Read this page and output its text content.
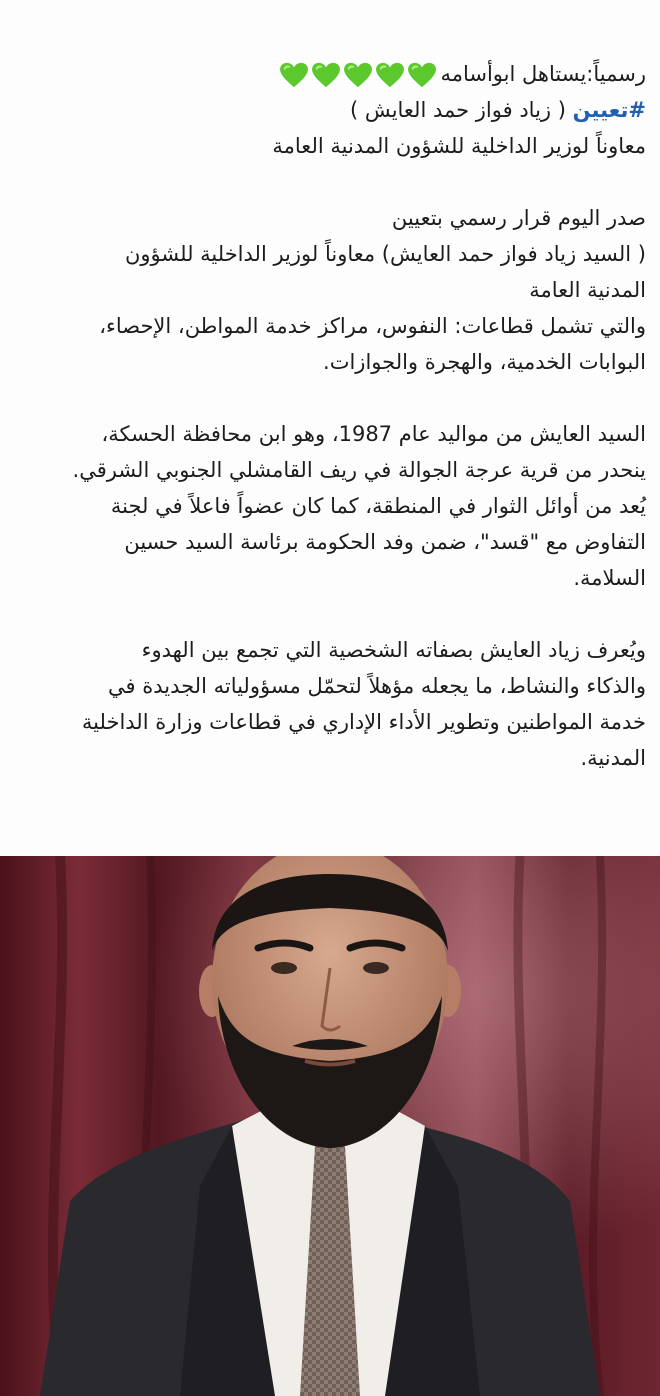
رسمياً:يستاهل ابوأسامه
#تعيين ( زياد فواز حمد العايش )
معاوناً لوزير الداخلية للشؤون المدنية العامة
صدر اليوم قرار رسمي بتعيين
( السيد زياد فواز حمد العايش) معاوناً لوزير الداخلية للشؤون
المدنية العامة
والتي تشمل قطاعات: النفوس، مراكز خدمة المواطن، الإحصاء،
البوابات الخدمية، والهجرة والجوازات.
السيد العايش من مواليد عام 1987، وهو ابن محافظة الحسكة،
ينحدر من قرية عرجة الجوالة في ريف القامشلي الجنوبي الشرقي.
يُعد من أوائل الثوار في المنطقة، كما كان عضواً فاعلاً في لجنة
التفاوض مع "قسد"، ضمن وفد الحكومة برئاسة السيد حسين
السلامة.
ويُعرف زياد العايش بصفاته الشخصية التي تجمع بين الهدوء
والذكاء والنشاط، ما يجعله مؤهلاً لتحمّل مسؤولياته الجديدة في
خدمة المواطنين وتطوير الأداء الإداري في قطاعات وزارة الداخلية
المدنية.
